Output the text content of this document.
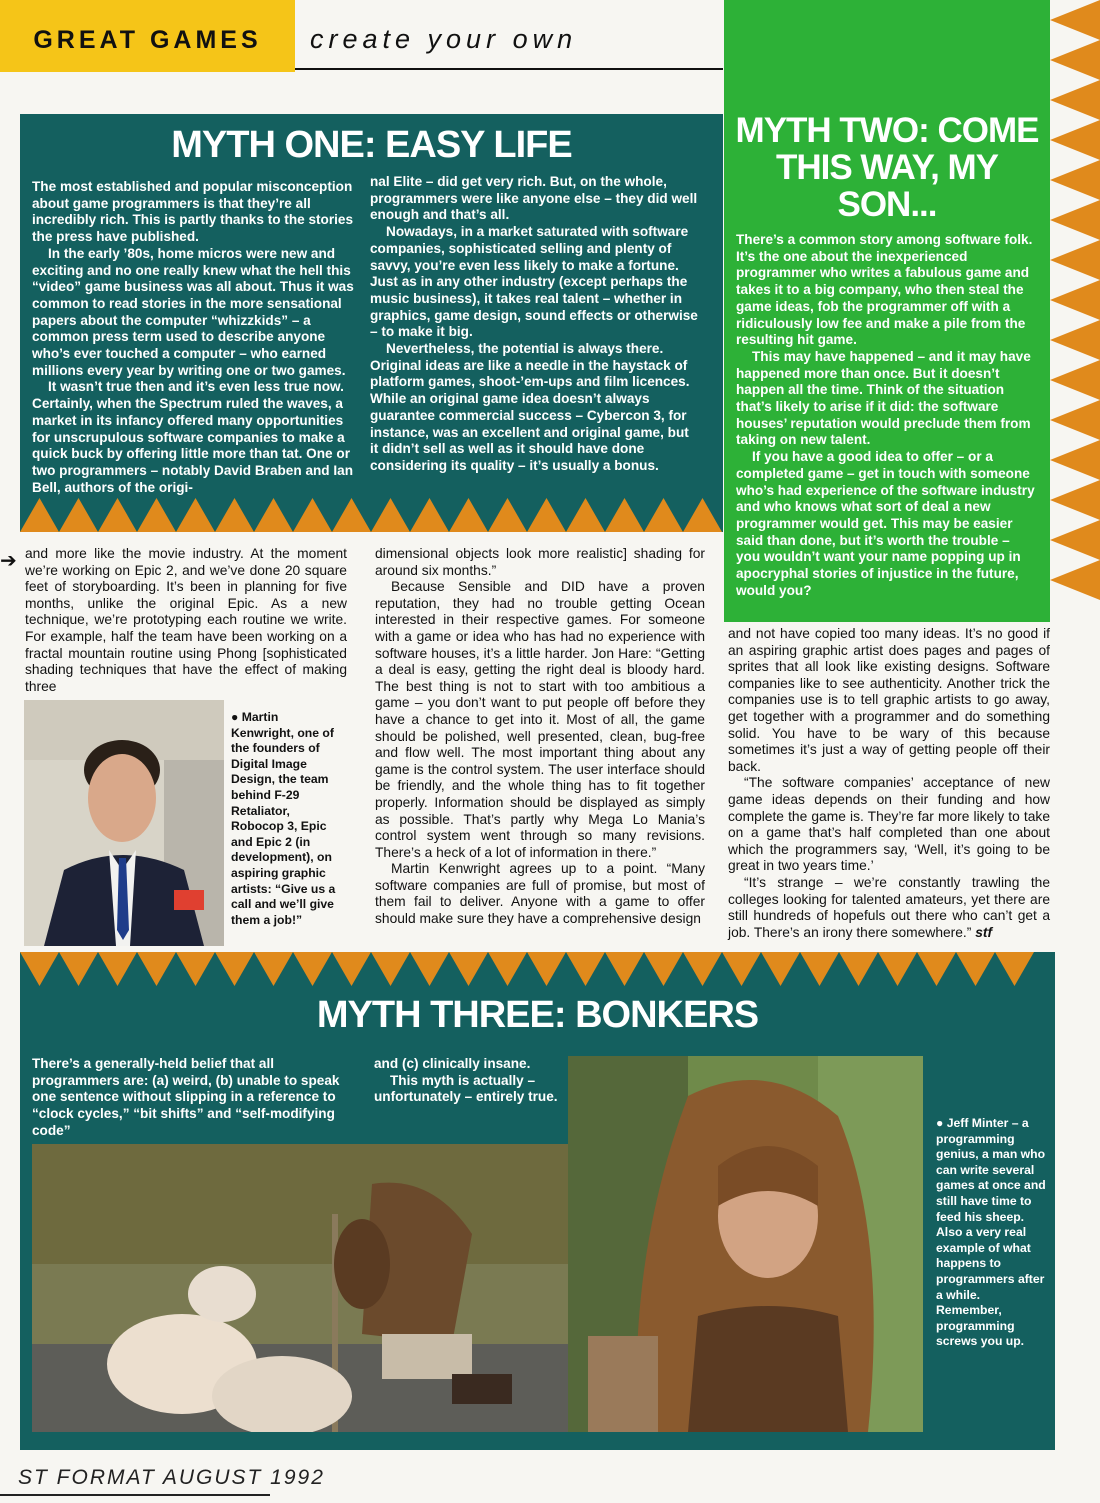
GREAT GAMES	create your own
MYTH ONE: EASY LIFE

The most established and popular misconception about game programmers is that they’re all incredibly rich. This is partly thanks to the stories the press have published.

In the early ’80s, home micros were new and exciting and no one really knew what the hell this “video” game business was all about. Thus it was common to read stories in the more sensational papers about the computer “whizzkids” – a common press term used to describe anyone who’s ever touched a computer – who earned millions every year by writing one or two games.

It wasn’t true then and it’s even less true now. Certainly, when the Spectrum ruled the waves, a market in its infancy offered many opportunities for unscrupulous software companies to make a quick buck by offering little more than tat. One or two programmers – notably David Braben and Ian Bell, authors of the origi-

nal Elite – did get very rich. But, on the whole, programmers were like anyone else – they did well enough and that’s all.

Nowadays, in a market saturated with software companies, sophisticated selling and plenty of savvy, you’re even less likely to make a fortune. Just as in any other industry (except perhaps the music business), it takes real talent – whether in graphics, game design, sound effects or otherwise – to make it big.

Nevertheless, the potential is always there. Original ideas are like a needle in the haystack of platform games, shoot-’em-ups and film licences. While an original game idea doesn’t always guarantee commercial success – Cybercon 3, for instance, was an excellent and original game, but it didn’t sell as well as it should have done considering its quality – it’s usually a bonus.

MYTH TWO: COME THIS WAY, MY SON...

There’s a common story among software folk. It’s the one about the inexperienced programmer who writes a fabulous game and takes it to a big company, who then steal the game ideas, fob the programmer off with a ridiculously low fee and make a pile from the resulting hit game.

This may have happened – and it may have happened more than once. But it doesn’t happen all the time. Think of the situation that’s likely to arise if it did: the software houses’ reputation would preclude them from taking on new talent.

If you have a good idea to offer – or a completed game – get in touch with someone who’s had experience of the software industry and who knows what sort of deal a new programmer would get. This may be easier said than done, but it’s worth the trouble – you wouldn’t want your name popping up in apocryphal stories of injustice in the future, would you?

➔ and more like the movie industry. At the moment we’re working on Epic 2, and we’ve done 20 square feet of storyboarding. It’s been in planning for five months, unlike the original Epic. As a new technique, we’re prototyping each routine we write. For example, half the team have been working on a fractal mountain routine using Phong [sophisticated shading techniques that have the effect of making three

● Martin Kenwright, one of the founders of Digital Image Design, the team behind F-29 Retaliator, Robocop 3, Epic and Epic 2 (in development), on aspiring graphic artists: “Give us a call and we’ll give them a job!”

dimensional objects look more realistic] shading for around six months.”

Because Sensible and DID have a proven reputation, they had no trouble getting Ocean interested in their respective games. For someone with a game or idea who has had no experience with software houses, it’s a little harder. Jon Hare: “Getting a deal is easy, getting the right deal is bloody hard. The best thing is not to start with too ambitious a game – you don’t want to put people off before they have a chance to get into it. Most of all, the game should be polished, well presented, clean, bug-free and flow well. The most important thing about any game is the control system. The user interface should be friendly, and the whole thing has to fit together properly. Information should be displayed as simply as possible. That’s partly why Mega Lo Mania’s control system went through so many revisions. There’s a heck of a lot of information in there.”

Martin Kenwright agrees up to a point. “Many software companies are full of promise, but most of them fail to deliver. Anyone with a game to offer should make sure they have a comprehensive design

and not have copied too many ideas. It’s no good if an aspiring graphic artist does pages and pages of sprites that all look like existing designs. Software companies like to see authenticity. Another trick the companies use is to tell graphic artists to go away, get together with a programmer and do something solid. You have to be wary of this because sometimes it’s just a way of getting people off their back.

“The software companies’ acceptance of new game ideas depends on their funding and how complete the game is. They’re far more likely to take on a game that’s half completed than one about which the programmers say, ‘Well, it’s going to be great in two years time.’

“It’s strange – we’re constantly trawling the colleges looking for talented amateurs, yet there are still hundreds of hopefuls out there who can’t get a job. There’s an irony there somewhere.” stf

MYTH THREE: BONKERS

There’s a generally-held belief that all programmers are: (a) weird, (b) unable to speak one sentence without slipping in a reference to “clock cycles,” “bit shifts” and “self-modifying code”

and (c) clinically insane.

This myth is actually – unfortunately – entirely true.

● Jeff Minter – a programming genius, a man who can write several games at once and still have time to feed his sheep. Also a very real example of what happens to programmers after a while. Remember, programming screws you up.
ST FORMAT AUGUST 1992
